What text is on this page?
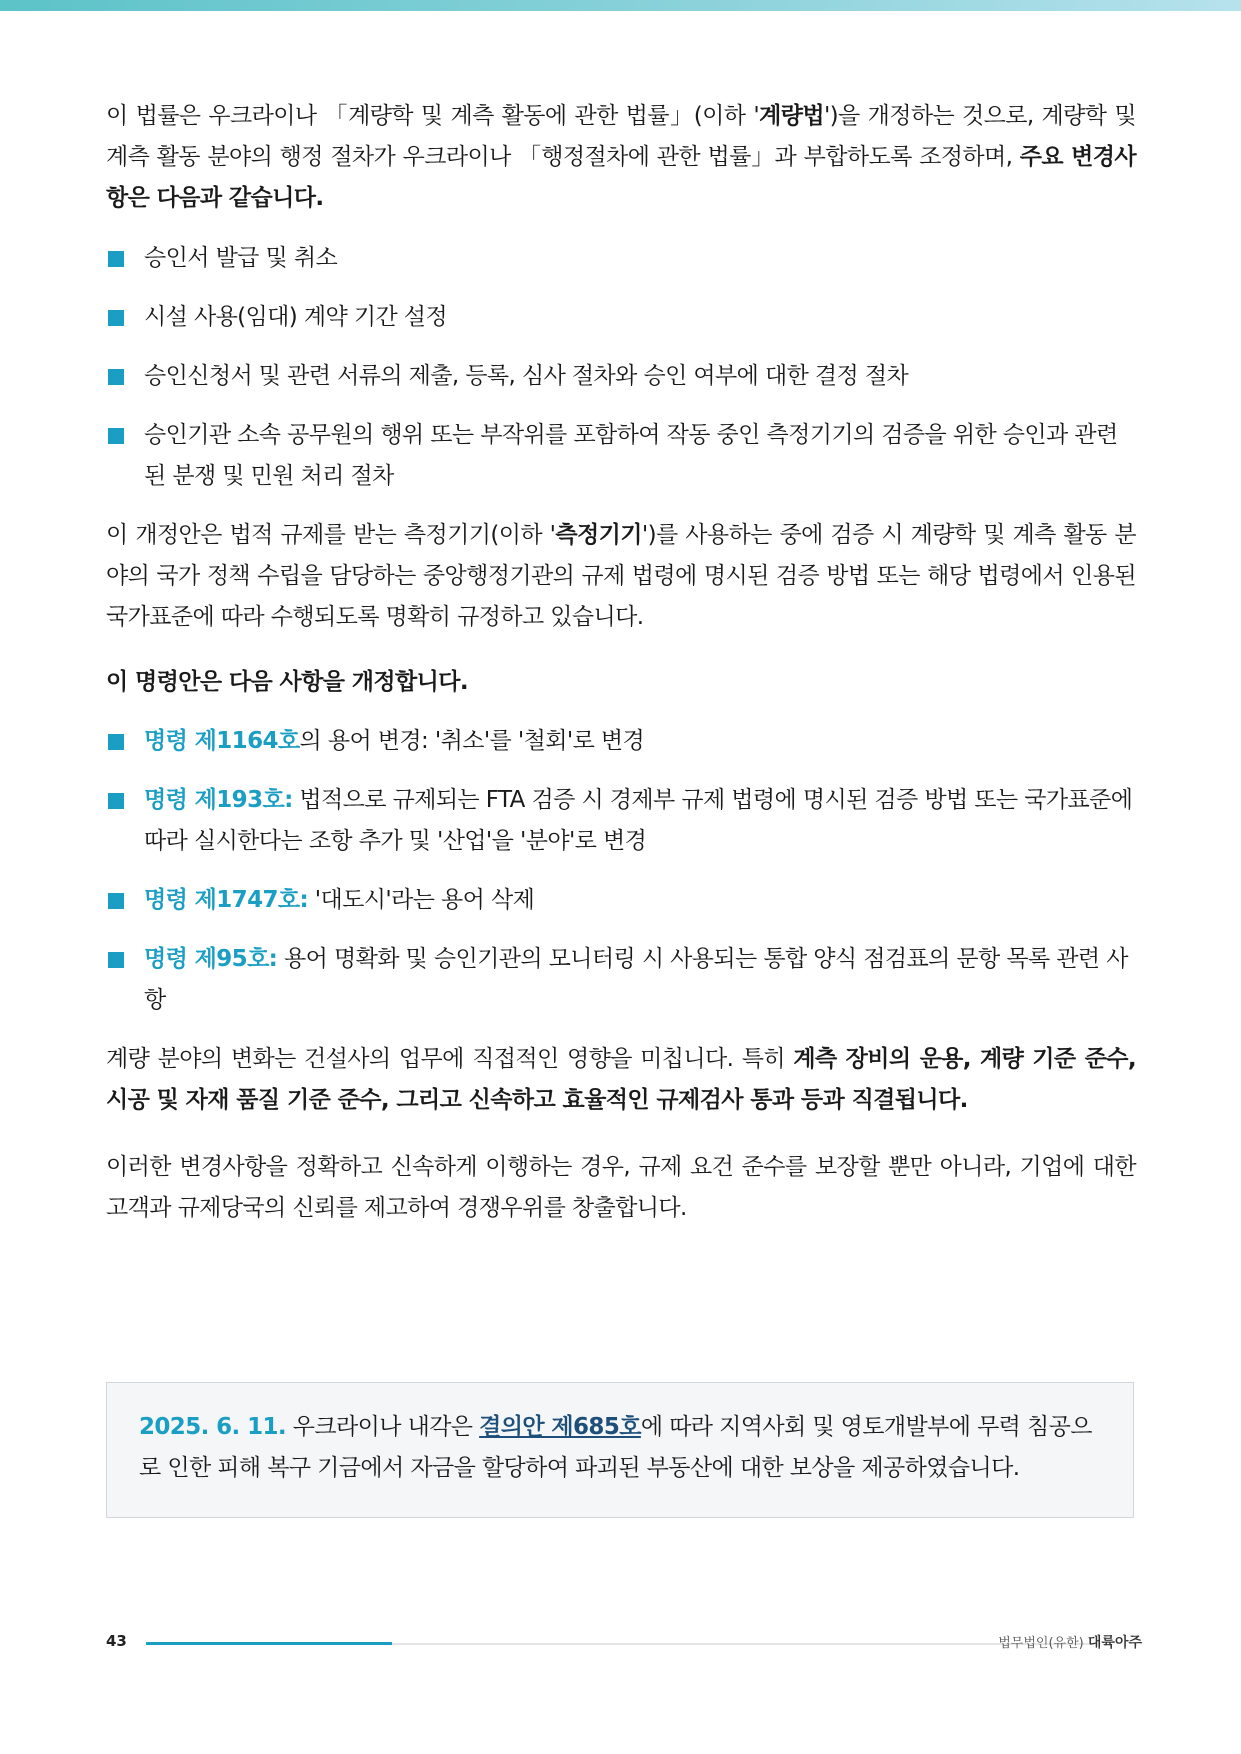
이 법률은 우크라이나 「계량학 및 계측 활동에 관한 법률」(이하 '계량법')을 개정하는 것으로, 계량학 및 계측 활동 분야의 행정 절차가 우크라이나 「행정절차에 관한 법률」과 부합하도록 조정하며, 주요 변경사항은 다음과 같습니다.

승인서 발급 및 취소
시설 사용(임대) 계약 기간 설정
승인신청서 및 관련 서류의 제출, 등록, 심사 절차와 승인 여부에 대한 결정 절차
승인기관 소속 공무원의 행위 또는 부작위를 포함하여 작동 중인 측정기기의 검증을 위한 승인과 관련된 분쟁 및 민원 처리 절차

이 개정안은 법적 규제를 받는 측정기기(이하 '측정기기')를 사용하는 중에 검증 시 계량학 및 계측 활동 분야의 국가 정책 수립을 담당하는 중앙행정기관의 규제 법령에 명시된 검증 방법 또는 해당 법령에서 인용된 국가표준에 따라 수행되도록 명확히 규정하고 있습니다.

이 명령안은 다음 사항을 개정합니다.

명령 제1164호의 용어 변경: '취소'를 '철회'로 변경
명령 제193호: 법적으로 규제되는 FTA 검증 시 경제부 규제 법령에 명시된 검증 방법 또는 국가표준에 따라 실시한다는 조항 추가 및 '산업'을 '분야'로 변경
명령 제1747호: '대도시'라는 용어 삭제
명령 제95호: 용어 명확화 및 승인기관의 모니터링 시 사용되는 통합 양식 점검표의 문항 목록 관련 사항

계량 분야의 변화는 건설사의 업무에 직접적인 영향을 미칩니다. 특히 계측 장비의 운용, 계량 기준 준수, 시공 및 자재 품질 기준 준수, 그리고 신속하고 효율적인 규제검사 통과 등과 직결됩니다.

이러한 변경사항을 정확하고 신속하게 이행하는 경우, 규제 요건 준수를 보장할 뿐만 아니라, 기업에 대한 고객과 규제당국의 신뢰를 제고하여 경쟁우위를 창출합니다.

2025. 6. 11. 우크라이나 내각은 결의안 제685호에 따라 지역사회 및 영토개발부에 무력 침공으로 인한 피해 복구 기금에서 자금을 할당하여 파괴된 부동산에 대한 보상을 제공하였습니다.

43	법무법인(유한) 대륙아주
